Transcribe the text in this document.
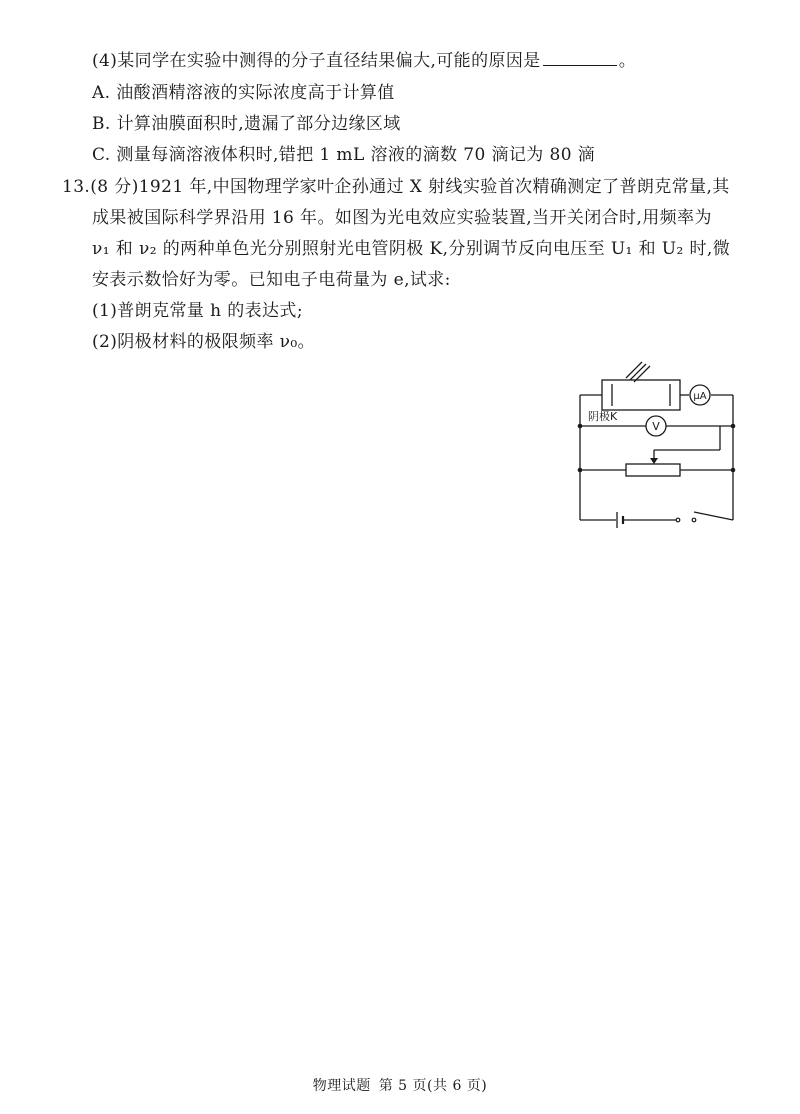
(4)某同学在实验中测得的分子直径结果偏大,可能的原因是	。
A. 油酸酒精溶液的实际浓度高于计算值
B. 计算油膜面积时,遗漏了部分边缘区域
C. 测量每滴溶液体积时,错把 1 mL 溶液的滴数 70 滴记为 80 滴
13.(8 分)1921 年,中国物理学家叶企孙通过 X 射线实验首次精确测定了普朗克常量,其
成果被国际科学界沿用 16 年。如图为光电效应实验装置,当开关闭合时,用频率为
ν₁ 和 ν₂ 的两种单色光分别照射光电管阴极 K,分别调节反向电压至 U₁ 和 U₂ 时,微
安表示数恰好为零。已知电子电荷量为 e,试求:
(1)普朗克常量 h 的表达式;
(2)阴极材料的极限频率 ν₀。
μA
V
阴极K
物理试题 第 5 页(共 6 页)
